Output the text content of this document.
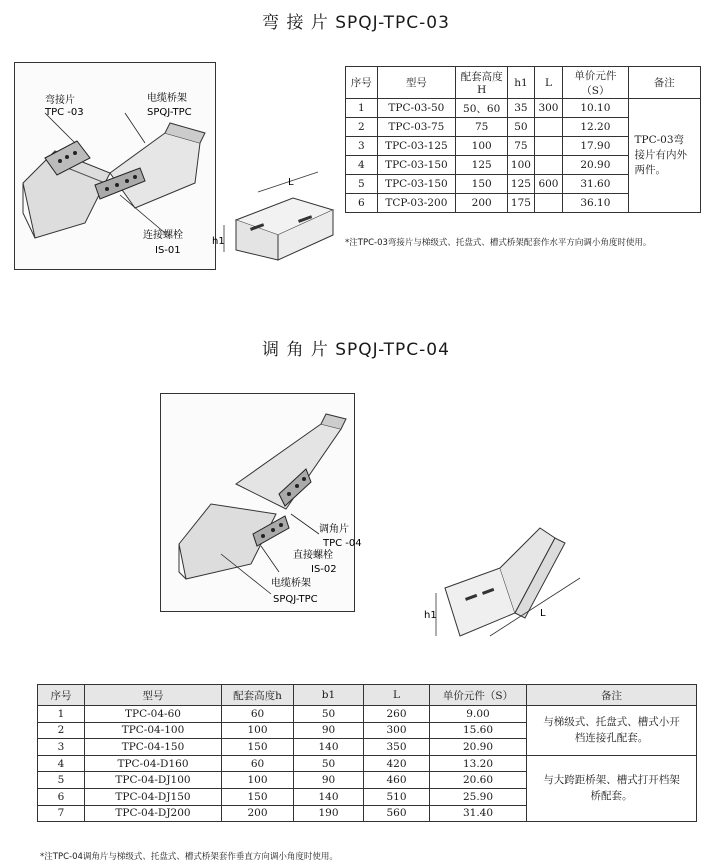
弯 接 片 SPQJ-TPC-03
弯接片
TPC -03
电缆桥架
SPQJ-TPC
连接螺栓
IS-01
L
h1
序号	型号	配套高度H	h1	L	单价元件（S）	备注
1	TPC-03-50	50、60	35	300	10.10	TPC-03弯接片有内外两件。
2	TPC-03-75	75	50		12.20	
3	TPC-03-125	100	75		17.90	
4	TPC-03-150	125	100		20.90	
5	TPC-03-150	150	125	600	31.60	
6	TCP-03-200	200	175		36.10	
*注TPC-03弯接片与梯级式、托盘式、槽式桥架配套作水平方向调小角度时使用。
调 角 片 SPQJ-TPC-04
调角片
TPC -04
直接螺栓
IS-02
电缆桥架
SPQJ-TPC
L
h1
序号	型号	配套高度h	b1	L	单价元件（S）	备注
1	TPC-04-60	60	50	260	9.00	与梯级式、托盘式、槽式小开档连接孔配套。
2	TPC-04-100	100	90	300	15.60	
3	TPC-04-150	150	140	350	20.90	
4	TPC-04-D160	60	50	420	13.20	与大跨距桥架、槽式打开档架桥配套。
5	TPC-04-DJ100	100	90	460	20.60	
6	TPC-04-DJ150	150	140	510	25.90	
7	TPC-04-DJ200	200	190	560	31.40	
*注TPC-04调角片与梯级式、托盘式、槽式桥架套作垂直方向调小角度时使用。
